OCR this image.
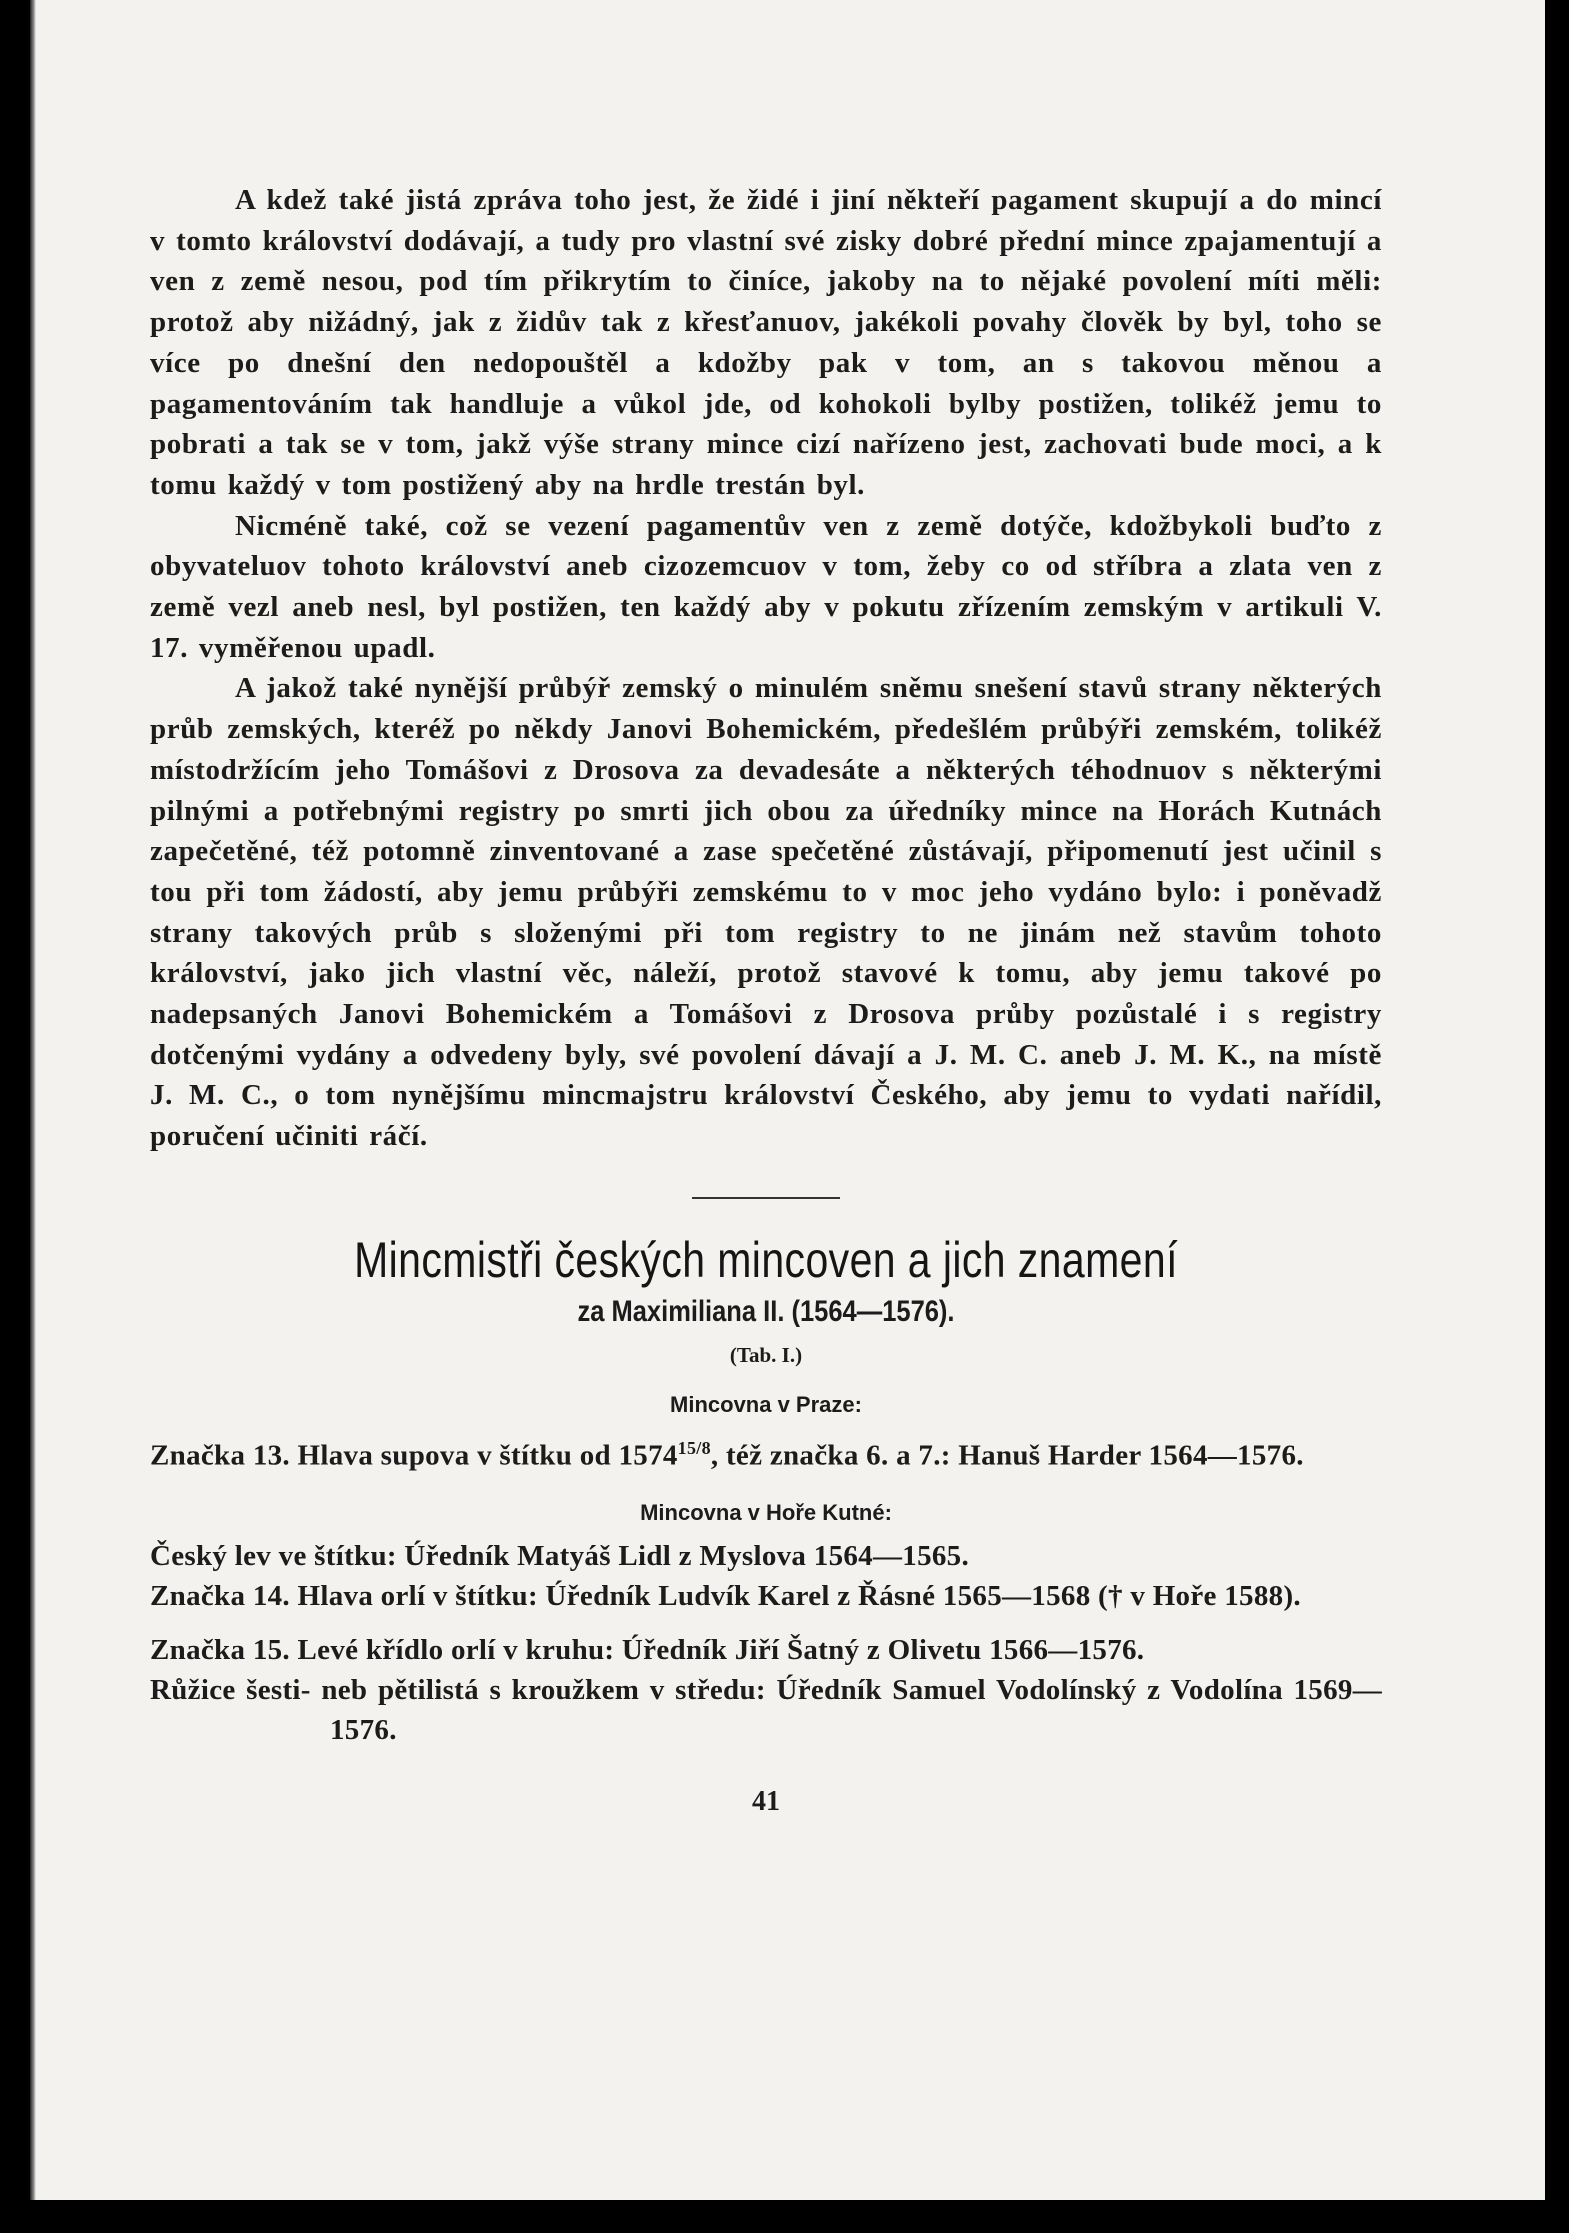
A kdež také jistá zpráva toho jest, že židé i jiní někteří pagament skupují a do mincí v tomto království dodávají, a tudy pro vlastní své zisky dobré přední mince zpajamentují a ven z země nesou, pod tím přikrytím to činíce, jakoby na to nějaké povolení míti měli: protož aby nižádný, jak z židův tak z křesťanuov, jakékoli povahy člověk by byl, toho se více po dnešní den nedopouštěl a kdožby pak v tom, an s takovou měnou a pagamentováním tak handluje a vůkol jde, od kohokoli bylby postižen, tolikéž jemu to pobrati a tak se v tom, jakž výše strany mince cizí nařízeno jest, zachovati bude moci, a k tomu každý v tom postižený aby na hrdle trestán byl.

Nicméně také, což se vezení pagamentův ven z země dotýče, kdožbykoli buďto z obyvateluov tohoto království aneb cizozemcuov v tom, žeby co od stříbra a zlata ven z země vezl aneb nesl, byl postižen, ten každý aby v pokutu zřízením zemským v artikuli V. 17. vyměřenou upadl.

A jakož také nynější průbýř zemský o minulém sněmu snešení stavů strany některých průb zemských, kteréž po někdy Janovi Bohemickém, předešlém průbýři zemském, tolikéž místodržícím jeho Tomášovi z Drosova za devadesáte a některých téhodnuov s některými pilnými a potřebnými registry po smrti jich obou za úředníky mince na Horách Kutnách zapečetěné, též potomně zinventované a zase spečetěné zůstávají, připomenutí jest učinil s tou při tom žádostí, aby jemu průbýři zemskému to v moc jeho vydáno bylo: i poněvadž strany takových průb s složenými při tom registry to ne jinám než stavům tohoto království, jako jich vlastní věc, náleží, protož stavové k tomu, aby jemu takové po nadepsaných Janovi Bohemickém a Tomášovi z Drosova průby pozůstalé i s registry dotčenými vydány a odvedeny byly, své povolení dávají a J. M. C. aneb J. M. K., na místě J. M. C., o tom nynějšímu mincmajstru království Českého, aby jemu to vydati nařídil, poručení učiniti ráčí.

Mincmistři českých mincoven a jich znamení
za Maximiliana II. (1564—1576).
(Tab. I.)
Mincovna v Praze:

Značka 13. Hlava supova v štítku od $1574^{15/8}$, též značka 6. a 7.: Hanuš Harder 1564—1576.

Mincovna v Hoře Kutné:

Český lev ve štítku: Úředník Matyáš Lidl z Myslova 1564—1565.

Značka 14. Hlava orlí v štítku: Úředník Ludvík Karel z Řásné 1565—1568 († v Hoře 1588).

Značka 15. Levé křídlo orlí v kruhu: Úředník Jiří Šatný z Olivetu 1566—1576.

Růžice šesti- neb pětilistá s kroužkem v středu: Úředník Samuel Vodolínský z Vodolína 1569—1576.

41
